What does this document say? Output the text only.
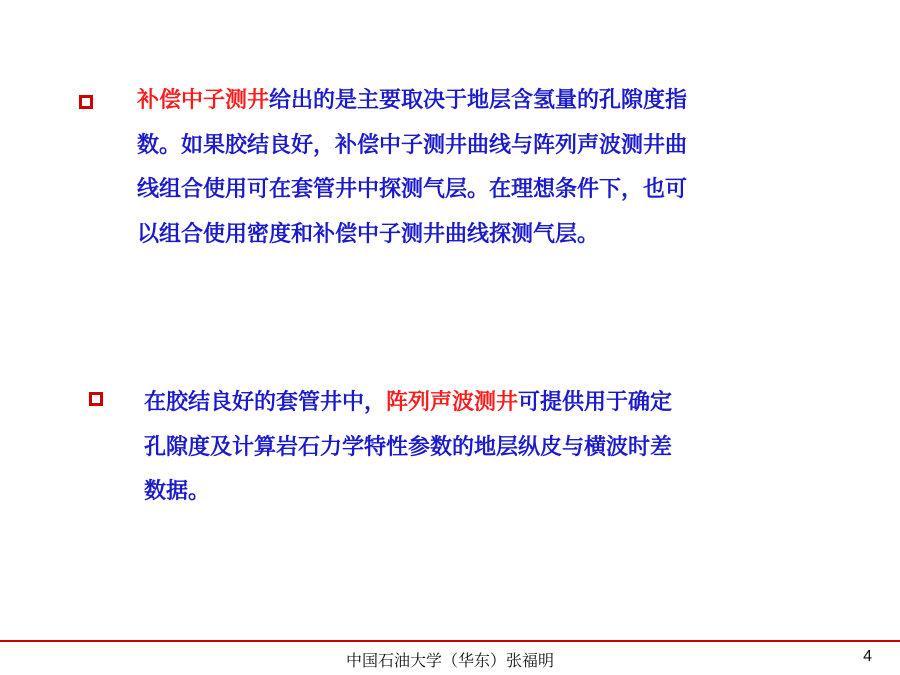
补偿中子测井给出的是主要取决于地层含氢量的孔隙度指
数。如果胶结良好，补偿中子测井曲线与阵列声波测井曲
线组合使用可在套管井中探测气层。在理想条件下，也可
以组合使用密度和补偿中子测井曲线探测气层。
在胶结良好的套管井中，阵列声波测井可提供用于确定
孔隙度及计算岩石力学特性参数的地层纵皮与横波时差
数据。
中国石油大学（华东）张福明	4
